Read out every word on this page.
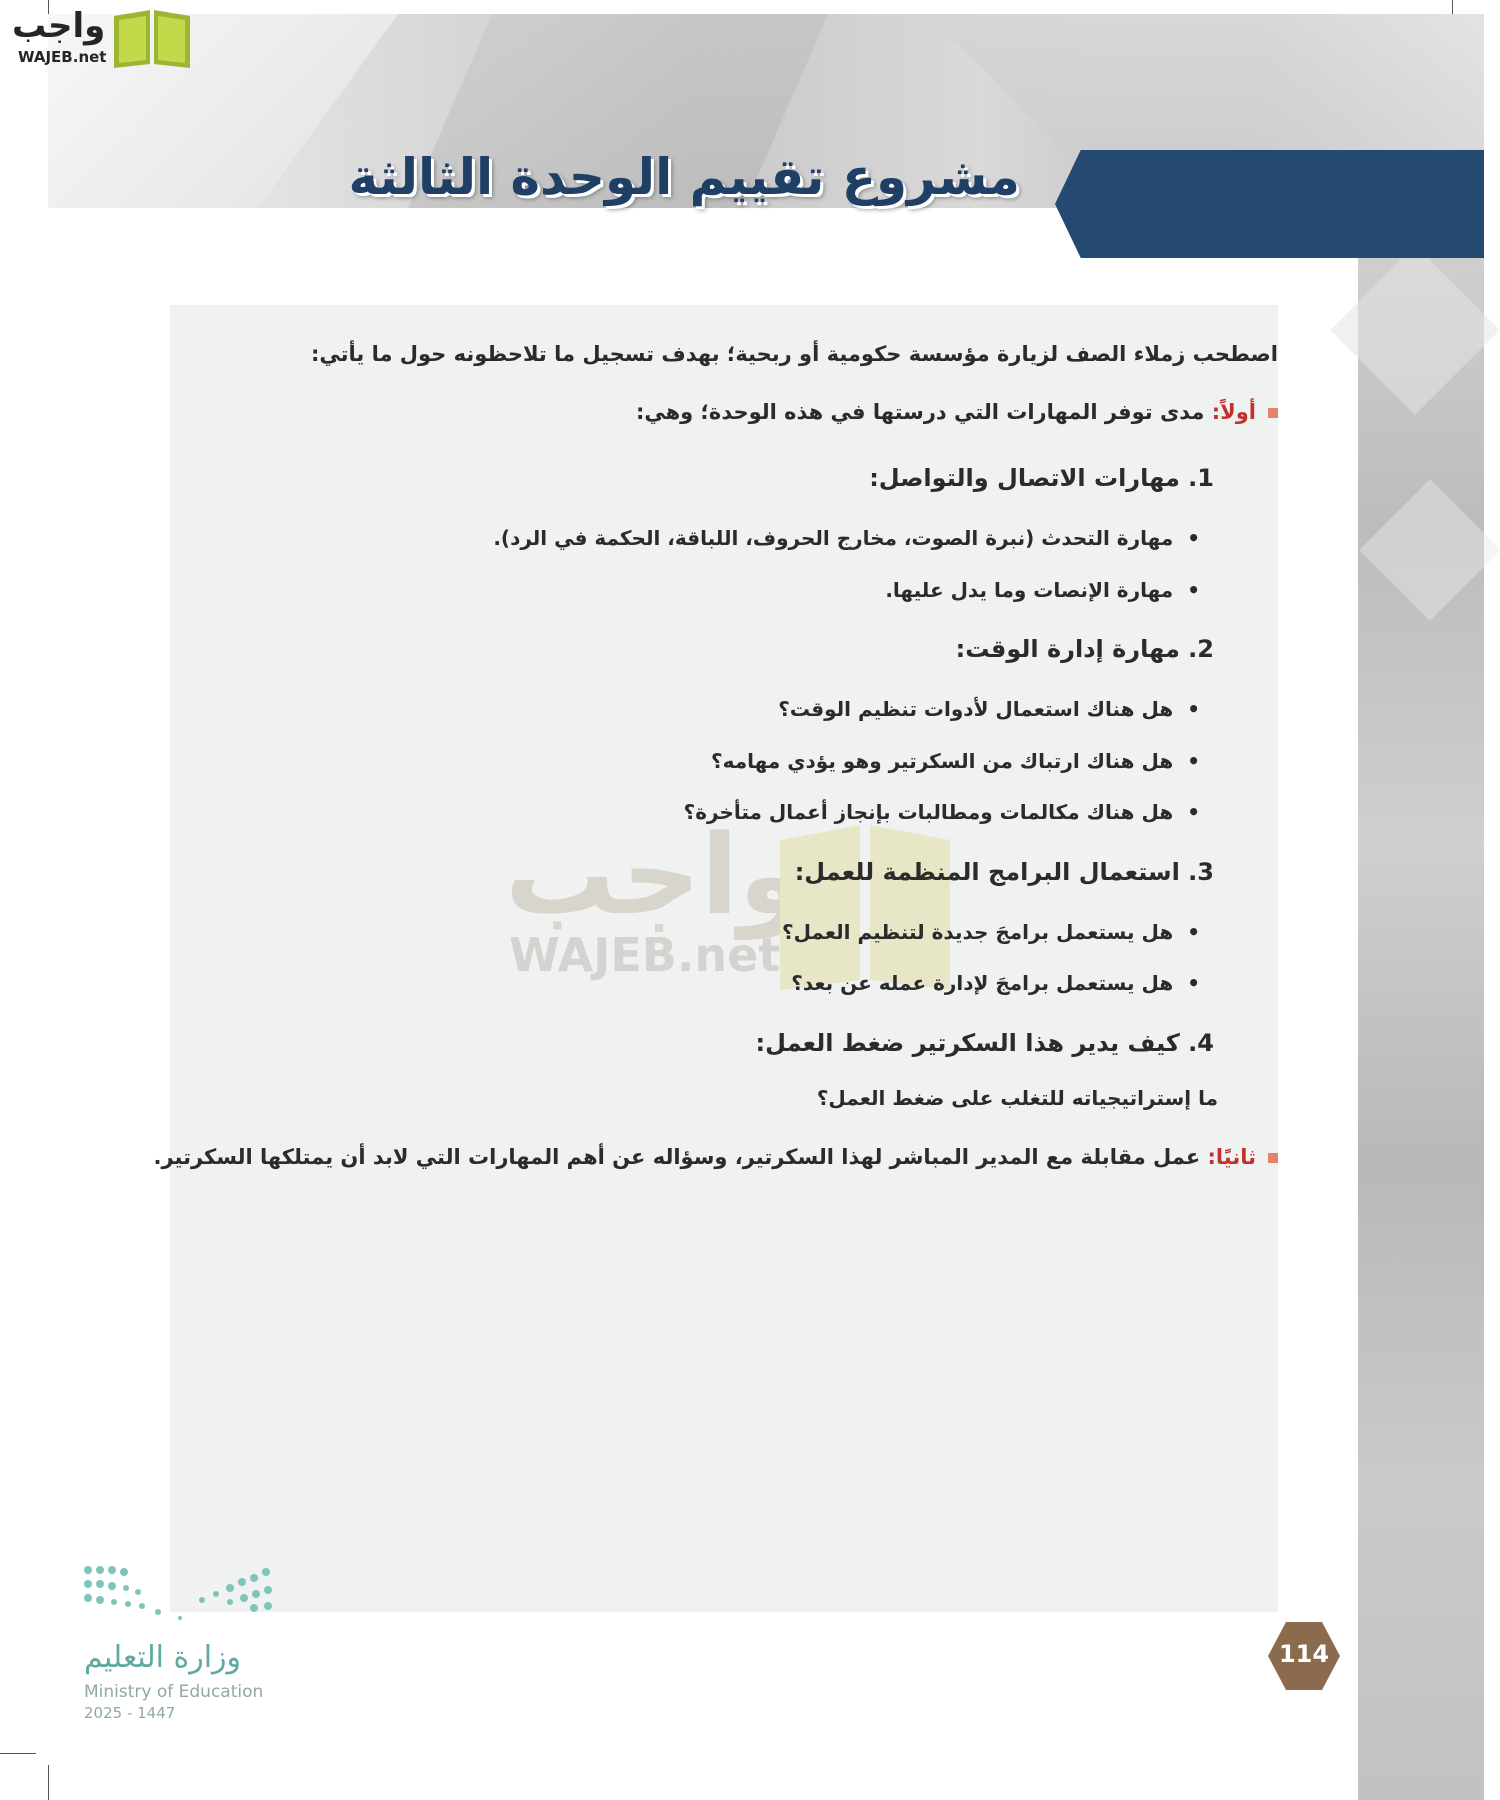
واجب
WAJEB.net
مشروع تقييم الوحدة الثالثة
واجب
WAJEB.net
اصطحب زملاء الصف لزيارة مؤسسة حكومية أو ربحية؛ بهدف تسجيل ما تلاحظونه حول ما يأتي:
أولاً: مدى توفر المهارات التي درستها في هذه الوحدة؛ وهي:
1. مهارات الاتصال والتواصل:
• مهارة التحدث (نبرة الصوت، مخارج الحروف، اللباقة، الحكمة في الرد).
• مهارة الإنصات وما يدل عليها.
2. مهارة إدارة الوقت:
• هل هناك استعمال لأدوات تنظيم الوقت؟
• هل هناك ارتباك من السكرتير وهو يؤدي مهامه؟
• هل هناك مكالمات ومطالبات بإنجاز أعمال متأخرة؟
3. استعمال البرامج المنظمة للعمل:
• هل يستعمل برامجَ جديدة لتنظيم العمل؟
• هل يستعمل برامجَ لإدارة عمله عن بعد؟
4. كيف يدير هذا السكرتير ضغط العمل:
ما إستراتيجياته للتغلب على ضغط العمل؟
ثانيًا: عمل مقابلة مع المدير المباشر لهذا السكرتير، وسؤاله عن أهم المهارات التي لابد أن يمتلكها السكرتير.
وزارة التعليم
Ministry of Education
2025 - 1447
114
